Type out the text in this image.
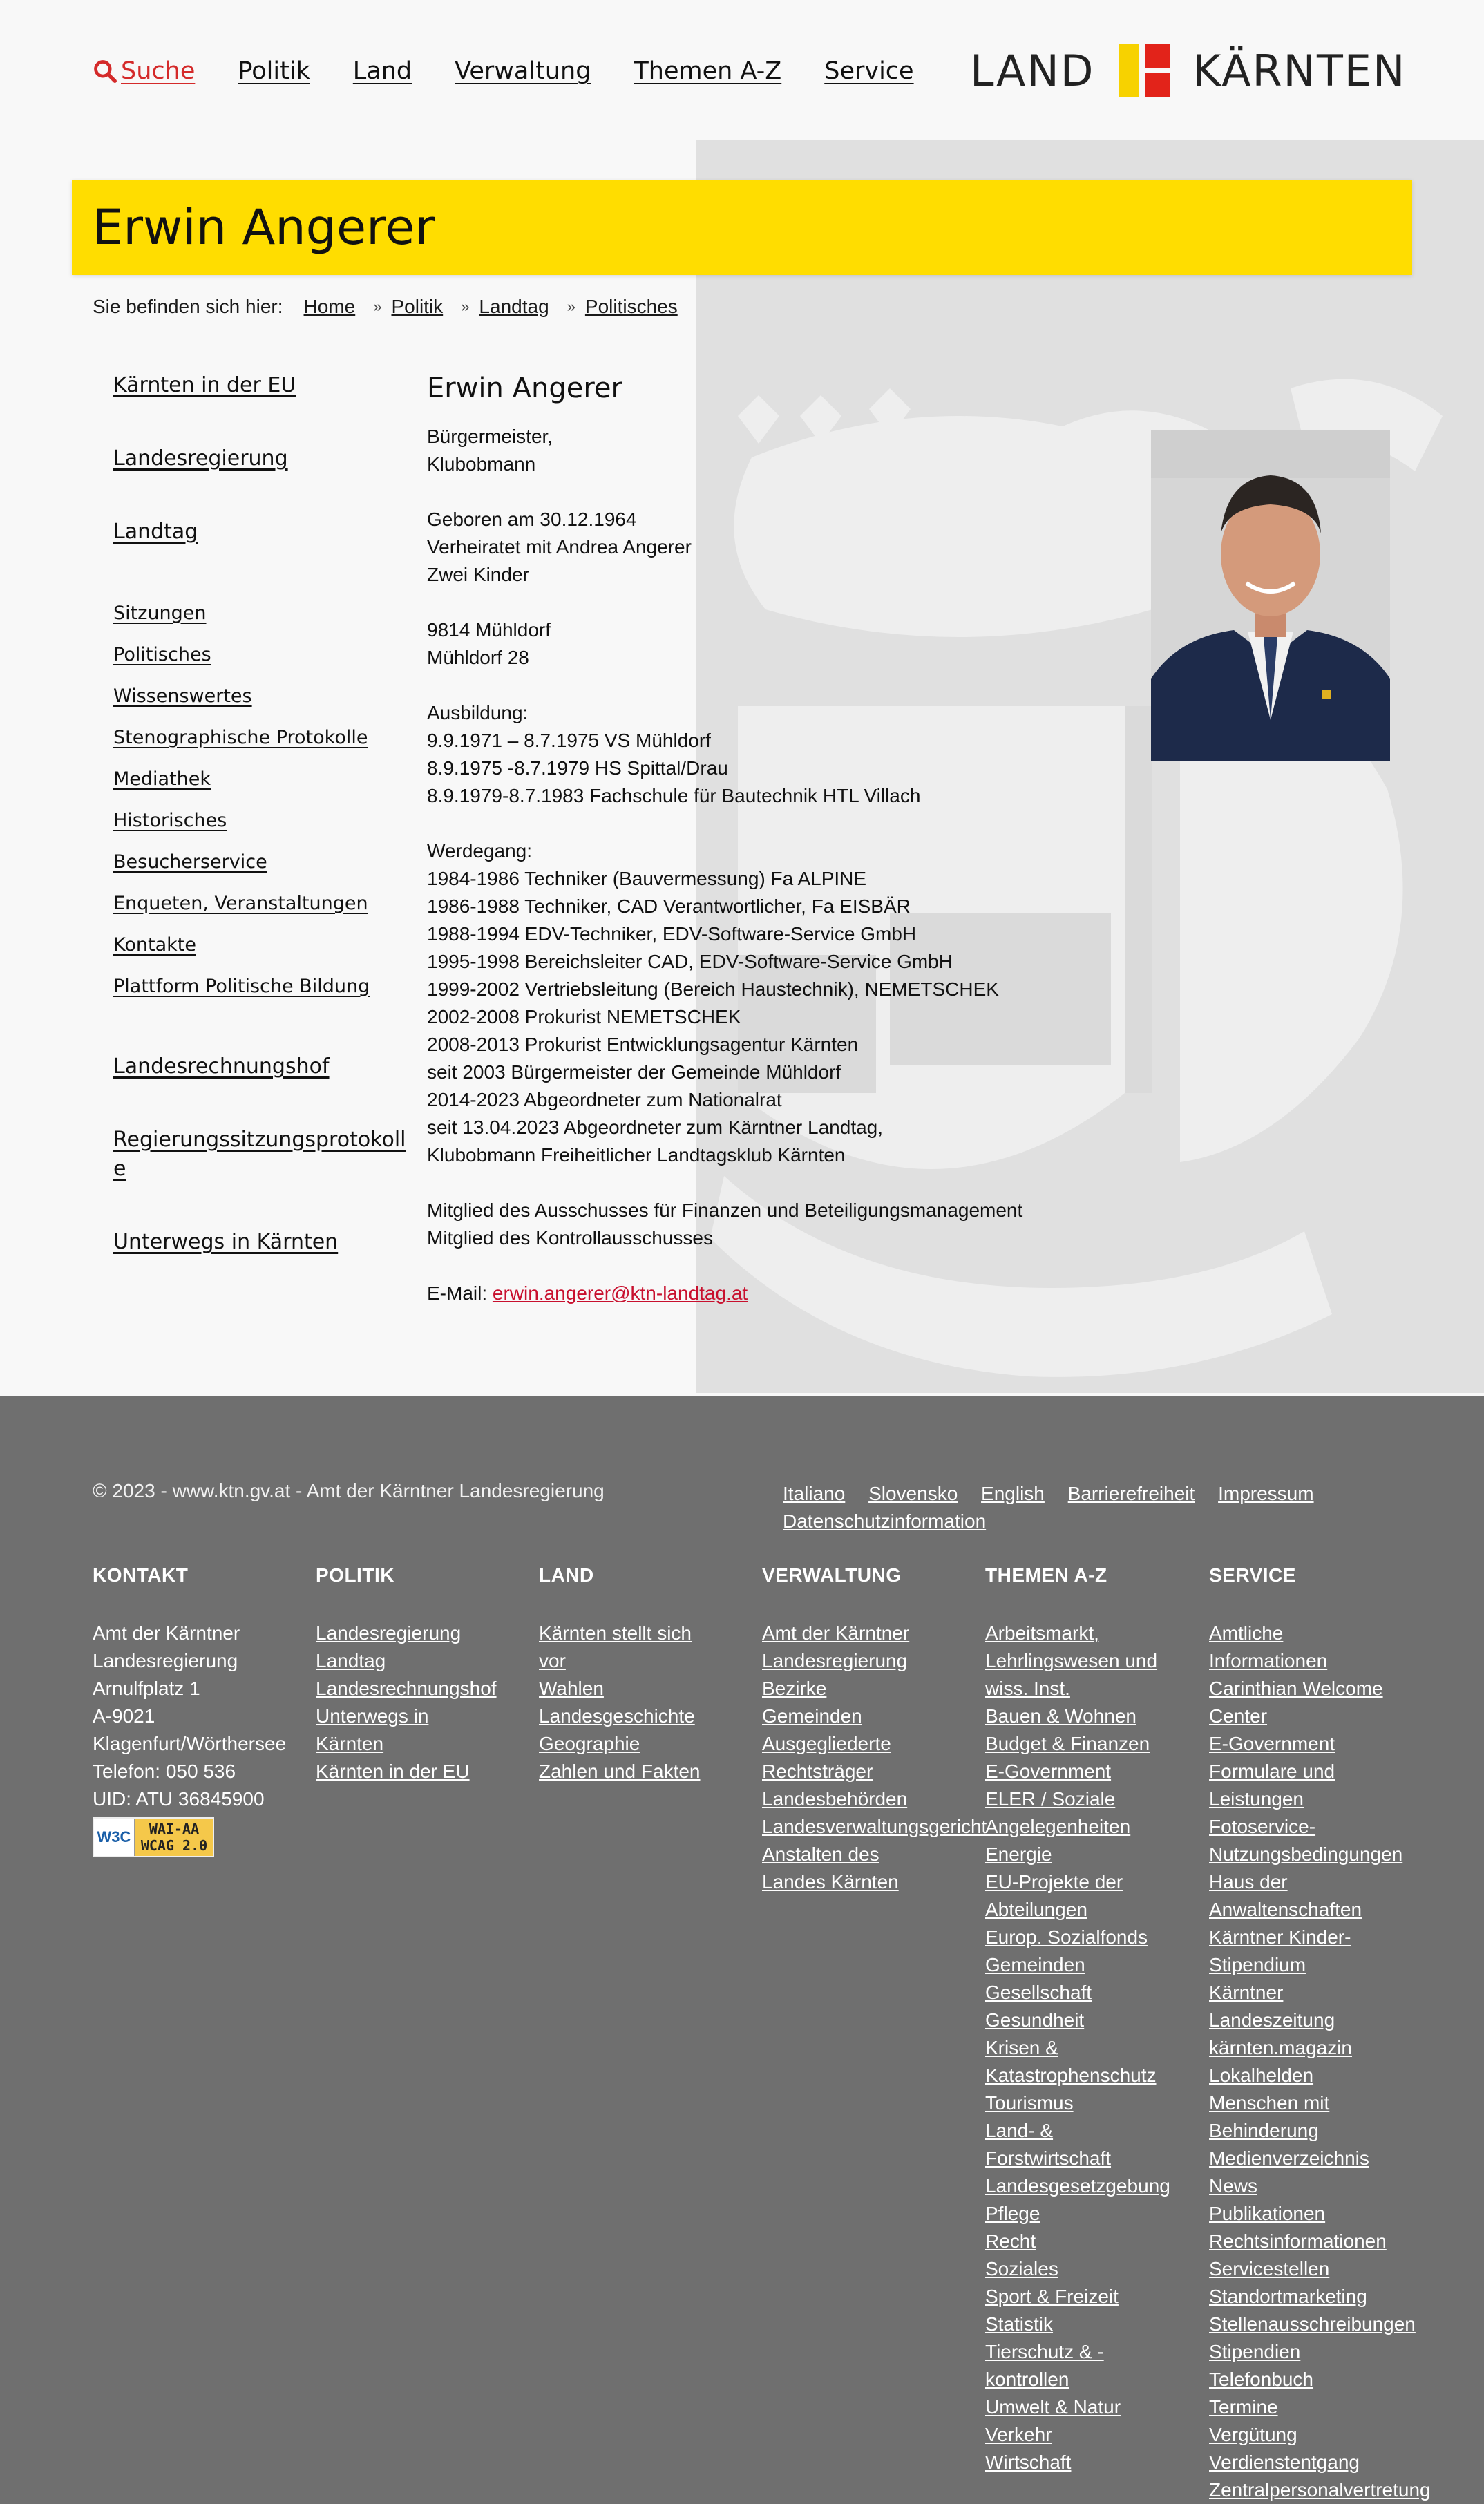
Suche Politik Land Verwaltung Themen A-Z Service LAND KÄRNTEN
Erwin Angerer
Sie befinden sich hier: Home » Politik » Landtag » Politisches
Kärnten in der EU
Landesregierung
Landtag
Sitzungen
Politisches
Wissenswertes
Stenographische Protokolle
Mediathek
Historisches
Besucherservice
Enqueten, Veranstaltungen
Kontakte
Plattform Politische Bildung
Landesrechnungshof
Regierungssitzungsprotokoll
e
Unterwegs in Kärnten
Erwin Angerer
Bürgermeister,
Klubobmann
Geboren am 30.12.1964
Verheiratet mit Andrea Angerer
Zwei Kinder
9814 Mühldorf
Mühldorf 28
Ausbildung:
9.9.1971 – 8.7.1975 VS Mühldorf
8.9.1975 -8.7.1979 HS Spittal/Drau
8.9.1979-8.7.1983 Fachschule für Bautechnik HTL Villach
Werdegang:
1984-1986 Techniker (Bauvermessung) Fa ALPINE
1986-1988 Techniker, CAD Verantwortlicher, Fa EISBÄR
1988-1994 EDV-Techniker, EDV-Software-Service GmbH
1995-1998 Bereichsleiter CAD, EDV-Software-Service GmbH
1999-2002 Vertriebsleitung (Bereich Haustechnik), NEMETSCHEK
2002-2008 Prokurist NEMETSCHEK
2008-2013 Prokurist Entwicklungsagentur Kärnten
seit 2003 Bürgermeister der Gemeinde Mühldorf
2014-2023 Abgeordneter zum Nationalrat
seit 13.04.2023 Abgeordneter zum Kärntner Landtag,
Klubobmann Freiheitlicher Landtagsklub Kärnten
Mitglied des Ausschusses für Finanzen und Beteiligungsmanagement
Mitglied des Kontrollausschusses
E-Mail: erwin.angerer@ktn-landtag.at
© 2023 - www.ktn.gv.at - Amt der Kärntner Landesregierung	Italiano Slovensko English Barrierefreiheit Impressum Datenschutzinformation
KONTAKT
Amt der Kärntner
Landesregierung
Arnulfplatz 1
A-9021
Klagenfurt/Wörthersee
Telefon: 050 536
UID: ATU 36845900
W3C WAI-AA
WCAG 2.0
POLITIK
Landesregierung
Landtag
Landesrechnungshof
Unterwegs in
Kärnten
Kärnten in der EU
LAND
Kärnten stellt sich
vor
Wahlen
Landesgeschichte
Geographie
Zahlen und Fakten
VERWALTUNG
Amt der Kärntner
Landesregierung
Bezirke
Gemeinden
Ausgegliederte
Rechtsträger
Landesbehörden
Landesverwaltungsgericht
Anstalten des
Landes Kärnten
THEMEN A-Z
Arbeitsmarkt,
Lehrlingswesen und
wiss. Inst.
Bauen & Wohnen
Budget & Finanzen
E-Government
ELER / Soziale
Angelegenheiten
Energie
EU-Projekte der
Abteilungen
Europ. Sozialfonds
Gemeinden
Gesellschaft
Gesundheit
Krisen &
Katastrophenschutz
Tourismus
Land- &
Forstwirtschaft
Landesgesetzgebung
Pflege
Recht
Soziales
Sport & Freizeit
Statistik
Tierschutz & -
kontrollen
Umwelt & Natur
Verkehr
Wirtschaft
SERVICE
Amtliche
Informationen
Carinthian Welcome
Center
E-Government
Formulare und
Leistungen
Fotoservice-
Nutzungsbedingungen
Haus der
Anwaltenschaften
Kärntner Kinder-
Stipendium
Kärntner
Landeszeitung
kärnten.magazin
Lokalhelden
Menschen mit
Behinderung
Medienverzeichnis
News
Publikationen
Rechtsinformationen
Servicestellen
Standortmarketing
Stellenausschreibungen
Stipendien
Telefonbuch
Termine
Vergütung
Verdienstentgang
Zentralpersonalvertretung
